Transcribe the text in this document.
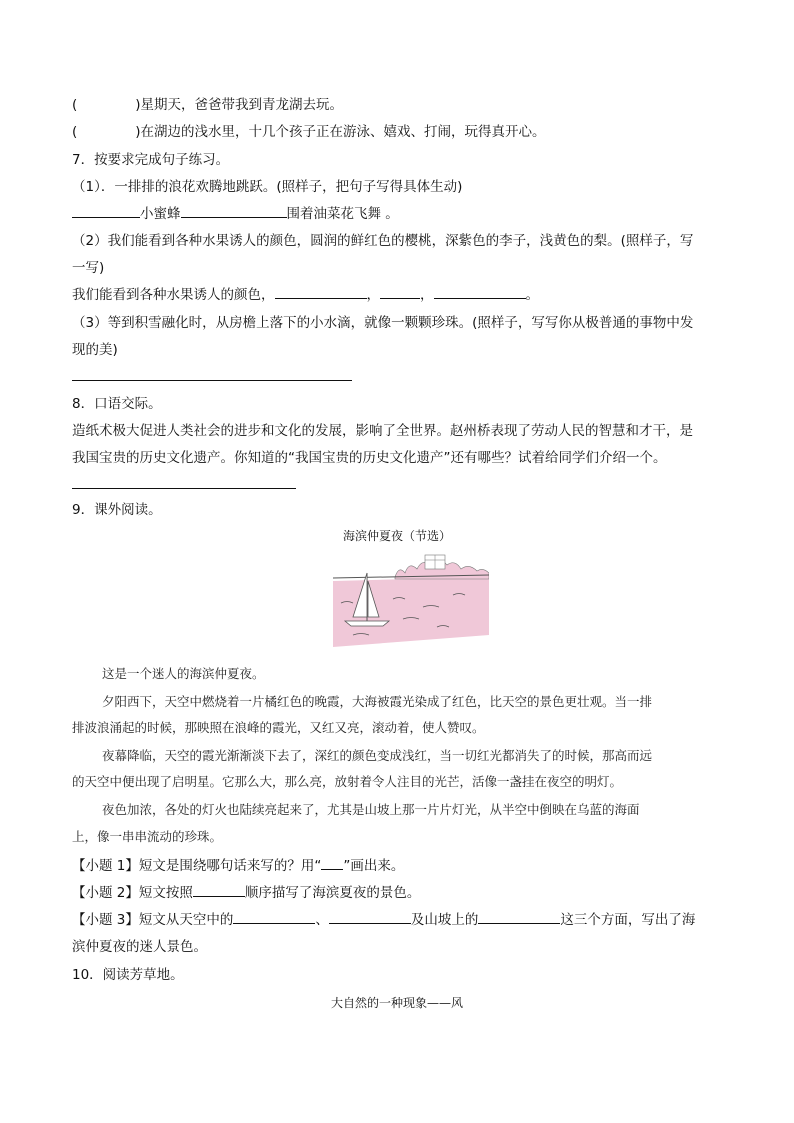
(	)星期天，爸爸带我到青龙湖去玩。
(	)在湖边的浅水里，十几个孩子正在游泳、嬉戏、打闹，玩得真开心。
7．按要求完成句子练习。
（1）．一排排的浪花欢腾地跳跃。(照样子，把句子写得具体生动)
小蜜蜂	围着油菜花飞舞 。
（2）我们能看到各种水果诱人的颜色，圆润的鲜红色的樱桃，深紫色的李子，浅黄色的梨。(照样子，写
一写)
我们能看到各种水果诱人的颜色，	，	，	。
（3）等到积雪融化时，从房檐上落下的小水滴，就像一颗颗珍珠。(照样子，写写你从极普通的事物中发
现的美)
8．口语交际。
造纸术极大促进人类社会的进步和文化的发展，影响了全世界。赵州桥表现了劳动人民的智慧和才干，是
我国宝贵的历史文化遗产。你知道的“我国宝贵的历史文化遗产”还有哪些？试着给同学们介绍一个。
9．课外阅读。
海滨仲夏夜（节选）
这是一个迷人的海滨仲夏夜。
夕阳西下，天空中燃烧着一片橘红色的晚霞，大海被霞光染成了红色，比天空的景色更壮观。当一排
排波浪涌起的时候，那映照在浪峰的霞光，又红又亮，滚动着，使人赞叹。
夜幕降临，天空的霞光渐渐淡下去了，深红的颜色变成浅红，当一切红光都消失了的时候，那高而远
的天空中便出现了启明星。它那么大，那么亮，放射着令人注目的光芒，活像一盏挂在夜空的明灯。
夜色加浓，各处的灯火也陆续亮起来了，尤其是山坡上那一片片灯光，从半空中倒映在乌蓝的海面
上，像一串串流动的珍珠。
【小题 1】短文是围绕哪句话来写的？用“ ”画出来。
【小题 2】短文按照	顺序描写了海滨夏夜的景色。
【小题 3】短文从天空中的	、	及山坡上的	这三个方面，写出了海
滨仲夏夜的迷人景色。
10．阅读芳草地。
大自然的一种现象——风
